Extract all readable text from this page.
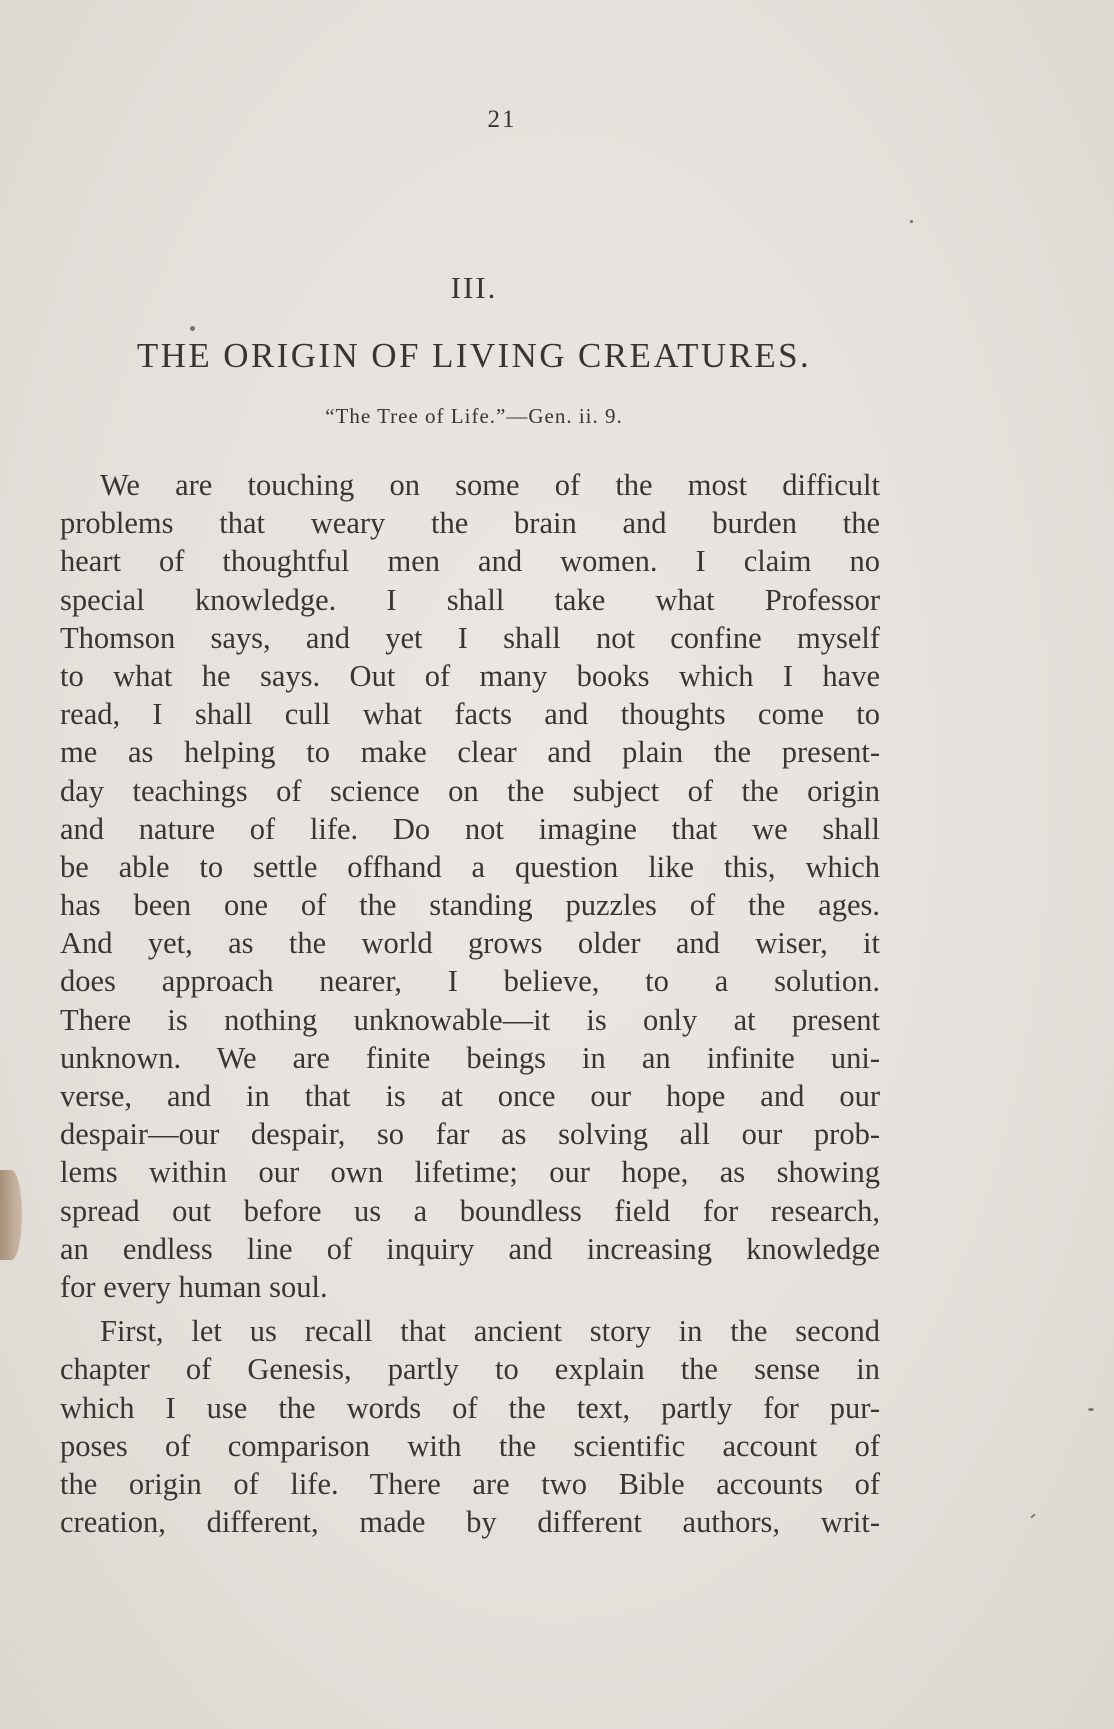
21
III.
THE ORIGIN OF LIVING CREATURES.
“The Tree of Life.”—Gen. ii. 9.
We are touching on some of the most difficult
problems that weary the brain and burden the
heart of thoughtful men and women. I claim no
special knowledge. I shall take what Professor
Thomson says, and yet I shall not confine myself
to what he says. Out of many books which I have
read, I shall cull what facts and thoughts come to
me as helping to make clear and plain the present-
day teachings of science on the subject of the origin
and nature of life. Do not imagine that we shall
be able to settle offhand a question like this, which
has been one of the standing puzzles of the ages.
And yet, as the world grows older and wiser, it
does approach nearer, I believe, to a solution.
There is nothing unknowable—it is only at present
unknown. We are finite beings in an infinite uni-
verse, and in that is at once our hope and our
despair—our despair, so far as solving all our prob-
lems within our own lifetime; our hope, as showing
spread out before us a boundless field for research,
an endless line of inquiry and increasing knowledge
for every human soul.
First, let us recall that ancient story in the second
chapter of Genesis, partly to explain the sense in
which I use the words of the text, partly for pur-
poses of comparison with the scientific account of
the origin of life. There are two Bible accounts of
creation, different, made by different authors, writ-
